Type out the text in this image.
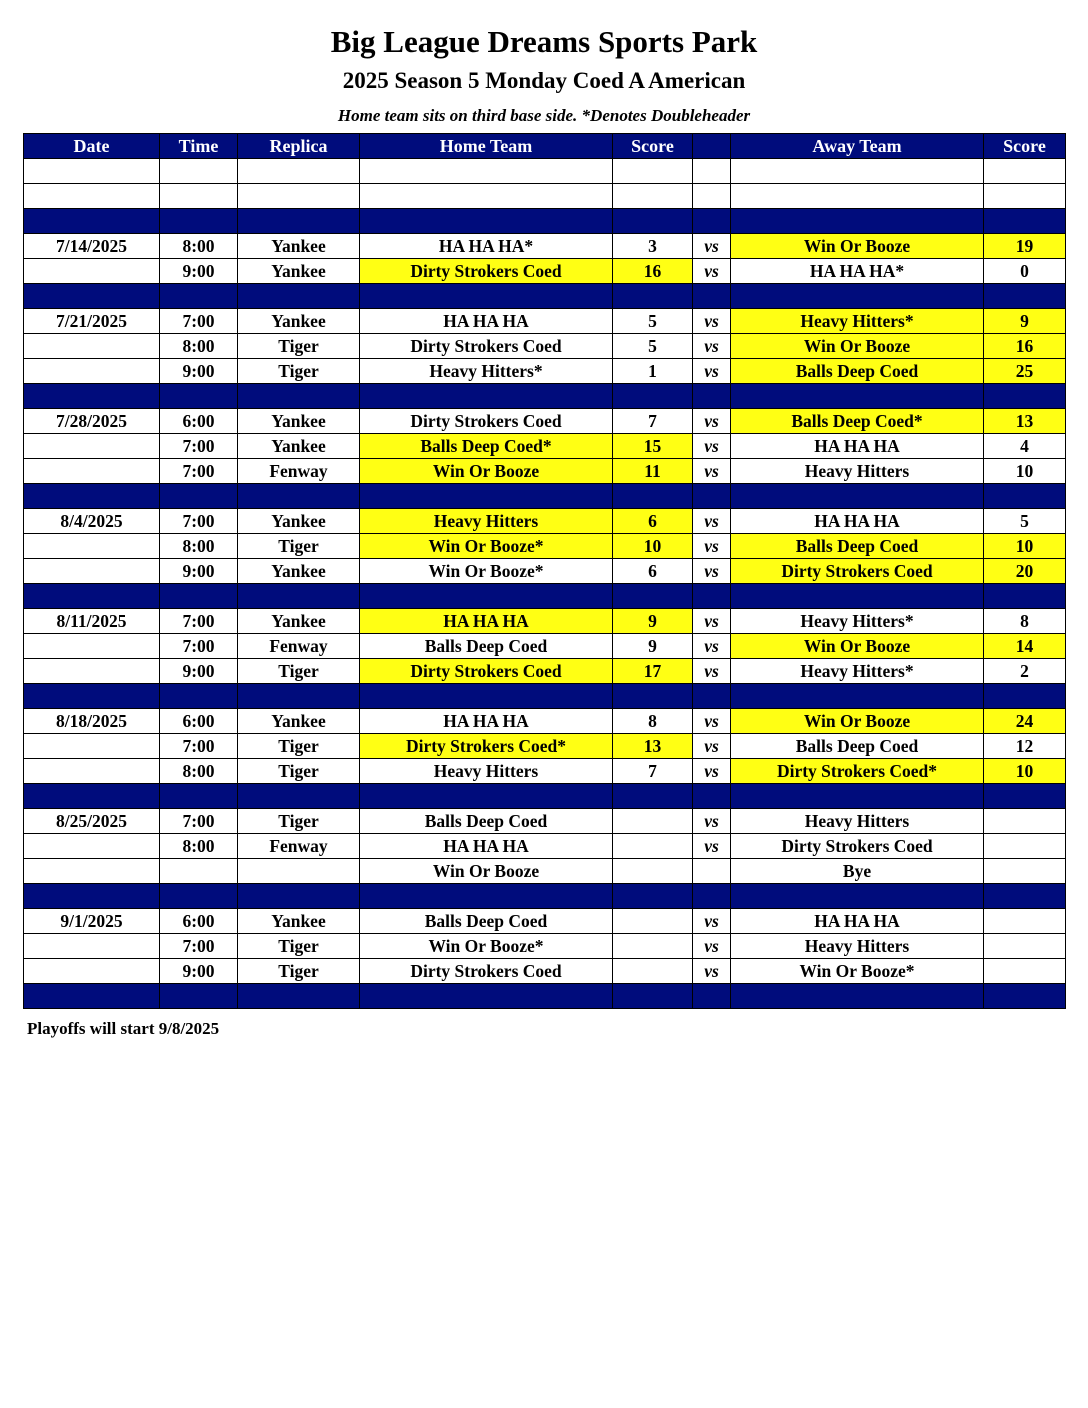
Big League Dreams Sports Park
2025 Season 5 Monday Coed A American
Home team sits on third base side. *Denotes Doubleheader
Date	Time	Replica	Home Team	Score		Away Team	Score

7/14/2025	8:00	Yankee	HA HA HA*	3	vs	Win Or Booze	19
	9:00	Yankee	Dirty Strokers Coed	16	vs	HA HA HA*	0

7/21/2025	7:00	Yankee	HA HA HA	5	vs	Heavy Hitters*	9
	8:00	Tiger	Dirty Strokers Coed	5	vs	Win Or Booze	16
	9:00	Tiger	Heavy Hitters*	1	vs	Balls Deep Coed	25

7/28/2025	6:00	Yankee	Dirty Strokers Coed	7	vs	Balls Deep Coed*	13
	7:00	Yankee	Balls Deep Coed*	15	vs	HA HA HA	4
	7:00	Fenway	Win Or Booze	11	vs	Heavy Hitters	10

8/4/2025	7:00	Yankee	Heavy Hitters	6	vs	HA HA HA	5
	8:00	Tiger	Win Or Booze*	10	vs	Balls Deep Coed	10
	9:00	Yankee	Win Or Booze*	6	vs	Dirty Strokers Coed	20

8/11/2025	7:00	Yankee	HA HA HA	9	vs	Heavy Hitters*	8
	7:00	Fenway	Balls Deep Coed	9	vs	Win Or Booze	14
	9:00	Tiger	Dirty Strokers Coed	17	vs	Heavy Hitters*	2

8/18/2025	6:00	Yankee	HA HA HA	8	vs	Win Or Booze	24
	7:00	Tiger	Dirty Strokers Coed*	13	vs	Balls Deep Coed	12
	8:00	Tiger	Heavy Hitters	7	vs	Dirty Strokers Coed*	10

8/25/2025	7:00	Tiger	Balls Deep Coed		vs	Heavy Hitters	
	8:00	Fenway	HA HA HA		vs	Dirty Strokers Coed	
			Win Or Booze			Bye	

9/1/2025	6:00	Yankee	Balls Deep Coed		vs	HA HA HA	
	7:00	Tiger	Win Or Booze*		vs	Heavy Hitters	
	9:00	Tiger	Dirty Strokers Coed		vs	Win Or Booze*	

Playoffs will start 9/8/2025
